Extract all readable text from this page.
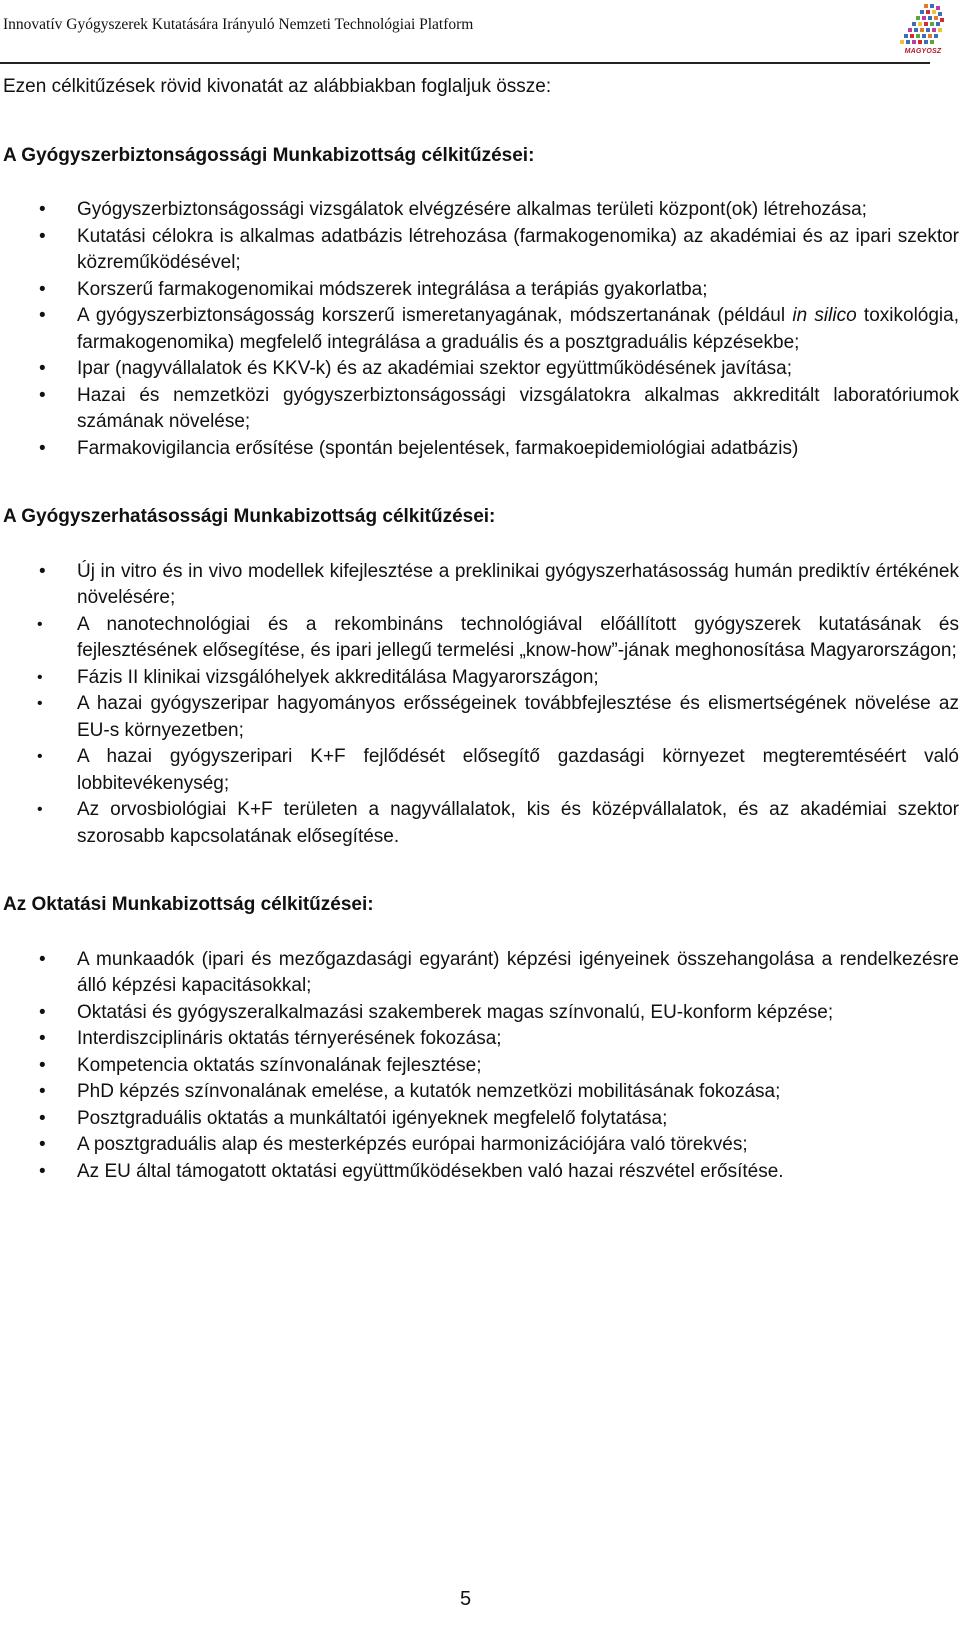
Innovatív Gyógyszerek Kutatására Irányuló Nemzeti Technológiai Platform
MAGYOSZ

Ezen célkitűzések rövid kivonatát az alábbiakban foglaljuk össze:

A Gyógyszerbiztonságossági Munkabizottság célkitűzései:
• Gyógyszerbiztonságossági vizsgálatok elvégzésére alkalmas területi központ(ok) létrehozása;
• Kutatási célokra is alkalmas adatbázis létrehozása (farmakogenomika) az akadémiai és az ipari szektor közreműködésével;
• Korszerű farmakogenomikai módszerek integrálása a terápiás gyakorlatba;
• A gyógyszerbiztonságosság korszerű ismeretanyagának, módszertanának (például in silico toxikológia, farmakogenomika) megfelelő integrálása a graduális és a posztgraduális képzésekbe;
• Ipar (nagyvállalatok és KKV-k) és az akadémiai szektor együttműködésének javítása;
• Hazai és nemzetközi gyógyszerbiztonságossági vizsgálatokra alkalmas akkreditált laboratóriumok számának növelése;
• Farmakovigilancia erősítése (spontán bejelentések, farmakoepidemiológiai adatbázis)
A Gyógyszerhatásossági Munkabizottság célkitűzései:
• Új in vitro és in vivo modellek kifejlesztése a preklinikai gyógyszerhatásosság humán prediktív értékének növelésére;
• A nanotechnológiai és a rekombináns technológiával előállított gyógyszerek kutatásának és fejlesztésének elősegítése, és ipari jellegű termelési „know-how”-jának meghonosítása Magyarországon;
• Fázis II klinikai vizsgálóhelyek akkreditálása Magyarországon;
• A hazai gyógyszeripar hagyományos erősségeinek továbbfejlesztése és elismertségének növelése az EU-s környezetben;
• A hazai gyógyszeripari K+F fejlődését elősegítő gazdasági környezet megteremtéséért való lobbitevékenység;
• Az orvosbiológiai K+F területen a nagyvállalatok, kis és középvállalatok, és az akadémiai szektor szorosabb kapcsolatának elősegítése.
Az Oktatási Munkabizottság célkitűzései:
• A munkaadók (ipari és mezőgazdasági egyaránt) képzési igényeinek összehangolása a rendelkezésre álló képzési kapacitásokkal;
• Oktatási és gyógyszeralkalmazási szakemberek magas színvonalú, EU-konform képzése;
• Interdiszciplináris oktatás térnyerésének fokozása;
• Kompetencia oktatás színvonalának fejlesztése;
• PhD képzés színvonalának emelése, a kutatók nemzetközi mobilitásának fokozása;
• Posztgraduális oktatás a munkáltatói igényeknek megfelelő folytatása;
• A posztgraduális alap és mesterképzés európai harmonizációjára való törekvés;
• Az EU által támogatott oktatási együttműködésekben való hazai részvétel erősítése.
5
